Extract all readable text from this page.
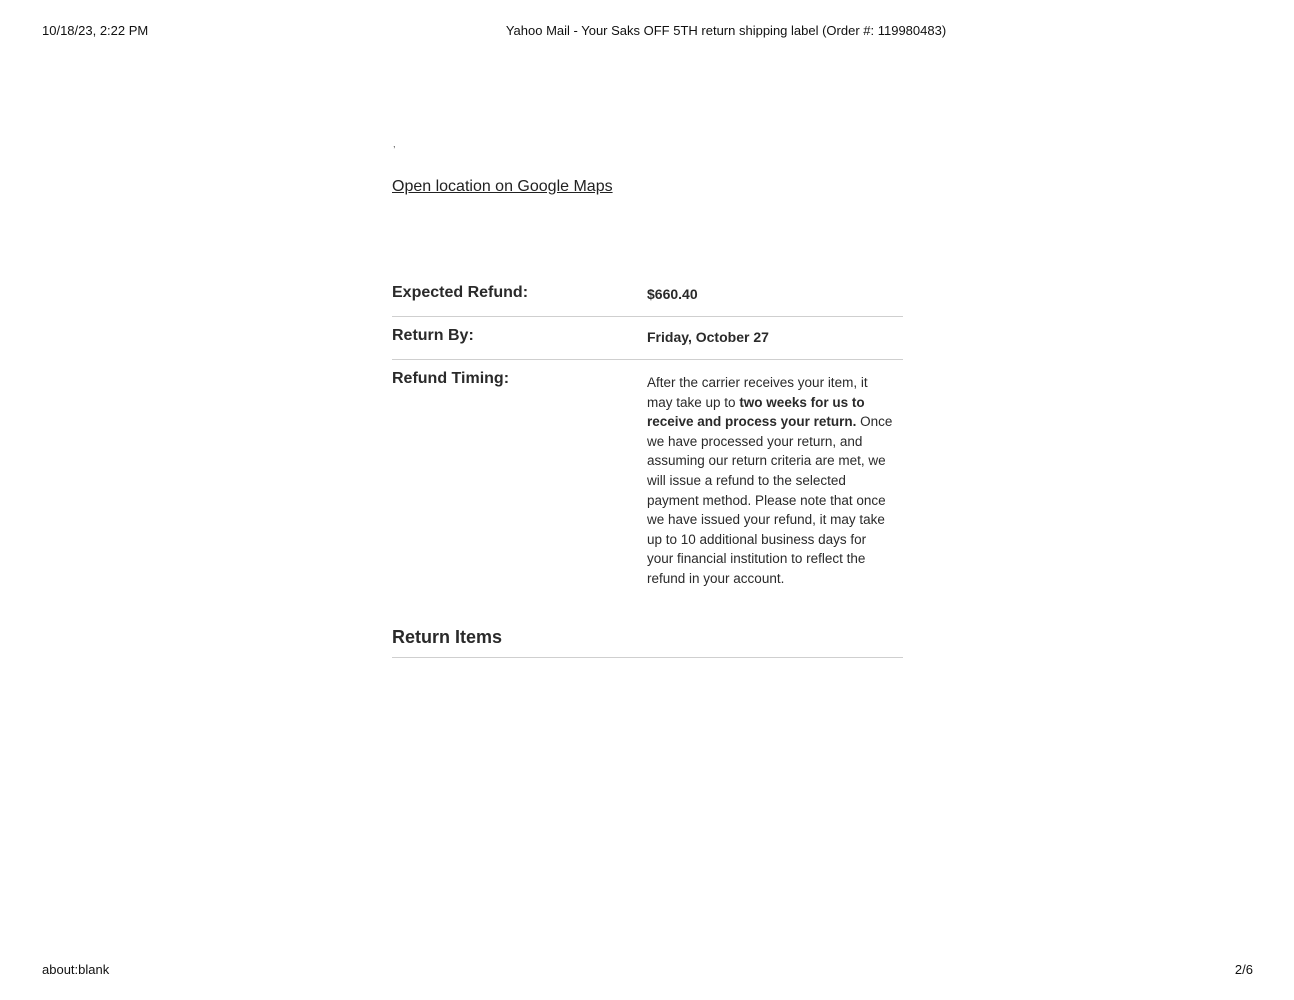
10/18/23, 2:22 PM	Yahoo Mail - Your Saks OFF 5TH return shipping label (Order #: 119980483)
,
Open location on Google Maps
Expected Refund:	$660.40
Return By:	Friday, October 27
Refund Timing:	After the carrier receives your item, it may take up to two weeks for us to receive and process your return. Once we have processed your return, and assuming our return criteria are met, we will issue a refund to the selected payment method. Please note that once we have issued your refund, it may take up to 10 additional business days for your financial institution to reflect the refund in your account.
Return Items
about:blank	2/6
